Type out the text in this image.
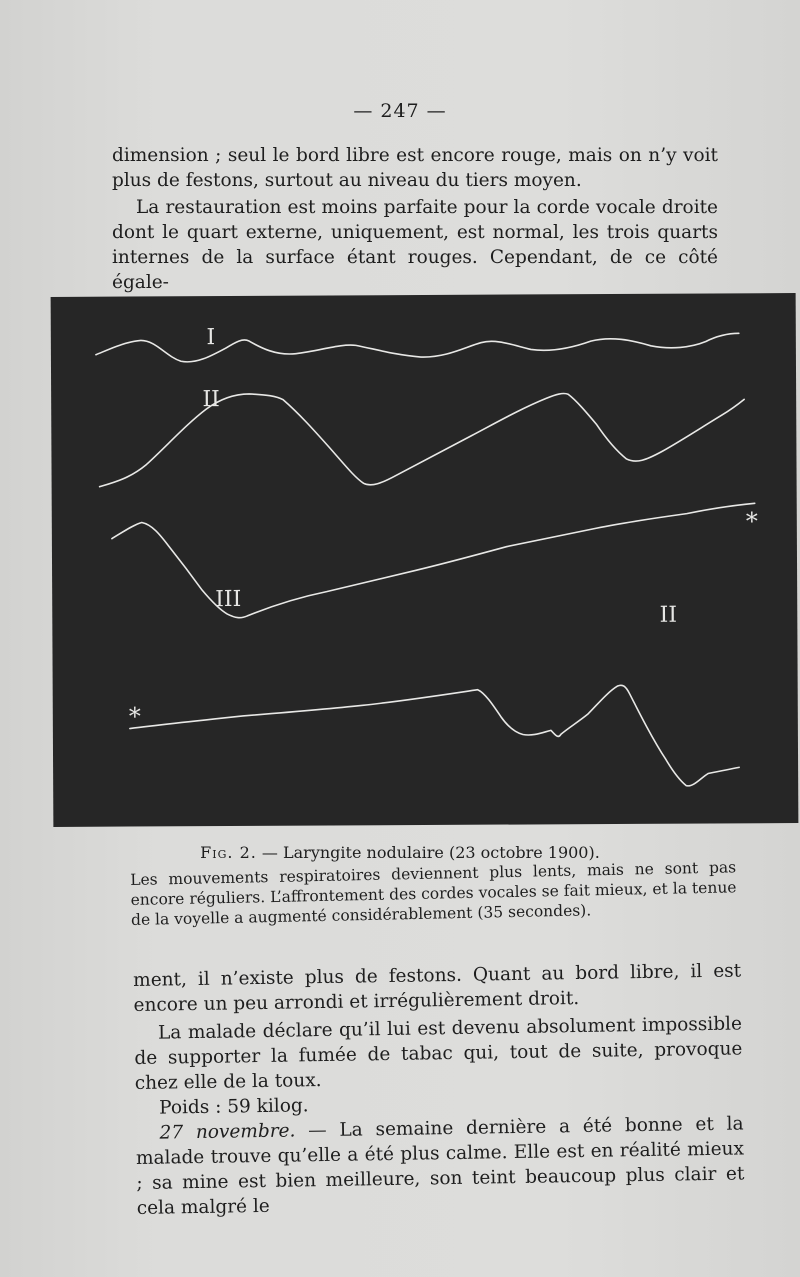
— 247 —
dimension ; seul le bord libre est encore rouge, mais on n’y voit plus de festons, surtout au niveau du tiers moyen.
La restauration est moins parfaite pour la corde vocale droite dont le quart externe, uniquement, est normal, les trois quarts internes de la surface étant rouges. Cependant, de ce côté égale-
I
II
III
II
*
*
Fig. 2. — Laryngite nodulaire (23 octobre 1900).
Les mouvements respiratoires deviennent plus lents, mais ne sont pas encore réguliers. L’affrontement des cordes vocales se fait mieux, et la tenue de la voyelle a augmenté considérablement (35 secondes).

ment, il n’existe plus de festons. Quant au bord libre, il est encore un peu arrondi et irrégulièrement droit.

La malade déclare qu’il lui est devenu absolument impossible de supporter la fumée de tabac qui, tout de suite, provoque chez elle de la toux.

Poids : 59 kilog.

27 novembre. — La semaine dernière a été bonne et la malade trouve qu’elle a été plus calme. Elle est en réalité mieux ; sa mine est bien meilleure, son teint beaucoup plus clair et cela malgré le
